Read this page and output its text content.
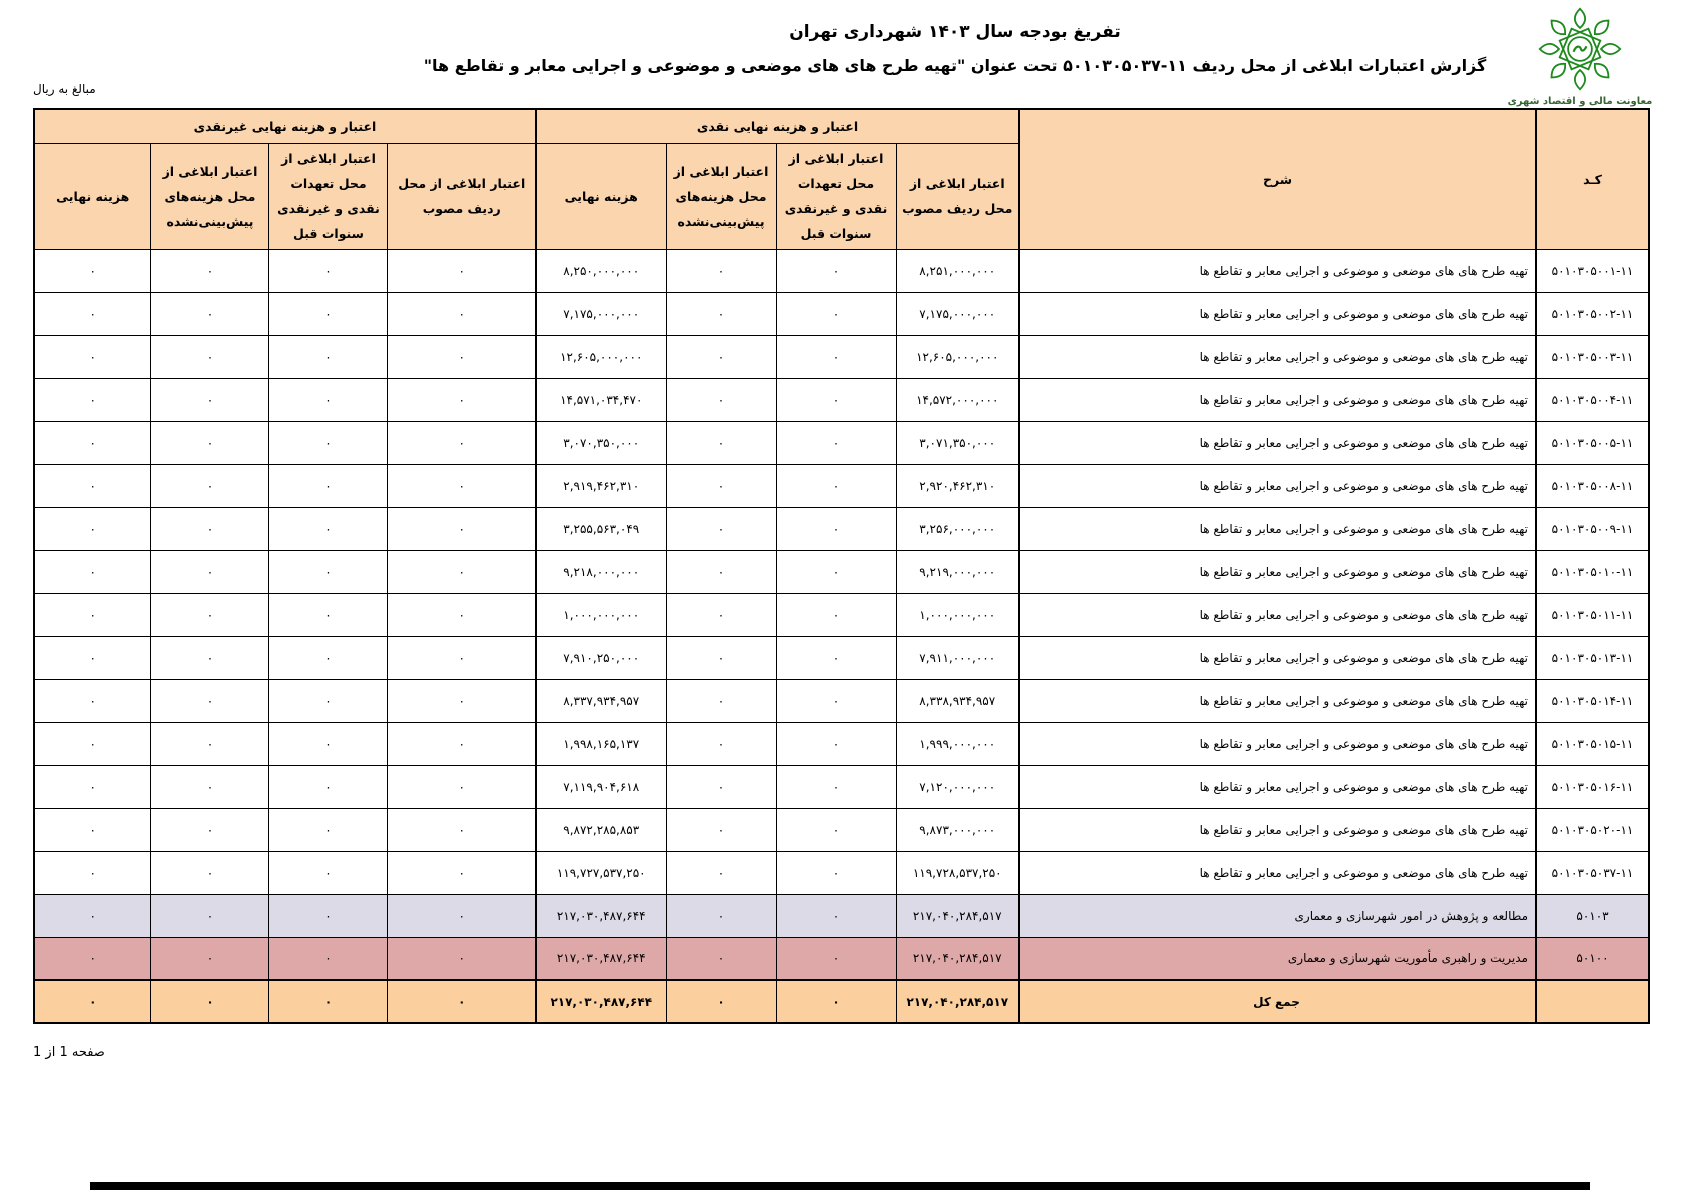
تفریغ بودجه سال ۱۴۰۳ شهرداری تهران
گزارش اعتبارات ابلاغی از محل ردیف ۱۱-۵۰۱۰۳۰۵۰۳۷ تحت عنوان "تهیه طرح های های موضعی و موضوعی و اجرایی معابر و تقاطع ها"
معاونت مالی و اقتصاد شهری
مبالغ به ریال
کـد	شرح	اعتبار و هزینه نهایی نقدی				اعتبار و هزینه نهایی غیرنقدی			
		اعتبار ابلاغی از محل ردیف مصوب	اعتبار ابلاغی از محل تعهدات نقدی و غیرنقدی سنوات قبل	اعتبار ابلاغی از محل هزینه‌های پیش‌بینی‌نشده	هزینه نهایی	اعتبار ابلاغی از محل ردیف مصوب	اعتبار ابلاغی از محل تعهدات نقدی و غیرنقدی سنوات قبل	اعتبار ابلاغی از محل هزینه‌های پیش‌بینی‌نشده	هزینه نهایی
۵۰۱۰۳۰۵۰۰۱-۱۱	تهیه طرح های های موضعی و موضوعی و اجرایی معابر و تقاطع ها	۸,۲۵۱,۰۰۰,۰۰۰	۰	۰	۸,۲۵۰,۰۰۰,۰۰۰	۰	۰	۰	۰
۵۰۱۰۳۰۵۰۰۲-۱۱	تهیه طرح های های موضعی و موضوعی و اجرایی معابر و تقاطع ها	۷,۱۷۵,۰۰۰,۰۰۰	۰	۰	۷,۱۷۵,۰۰۰,۰۰۰	۰	۰	۰	۰
۵۰۱۰۳۰۵۰۰۳-۱۱	تهیه طرح های های موضعی و موضوعی و اجرایی معابر و تقاطع ها	۱۲,۶۰۵,۰۰۰,۰۰۰	۰	۰	۱۲,۶۰۵,۰۰۰,۰۰۰	۰	۰	۰	۰
۵۰۱۰۳۰۵۰۰۴-۱۱	تهیه طرح های های موضعی و موضوعی و اجرایی معابر و تقاطع ها	۱۴,۵۷۲,۰۰۰,۰۰۰	۰	۰	۱۴,۵۷۱,۰۳۴,۴۷۰	۰	۰	۰	۰
۵۰۱۰۳۰۵۰۰۵-۱۱	تهیه طرح های های موضعی و موضوعی و اجرایی معابر و تقاطع ها	۳,۰۷۱,۳۵۰,۰۰۰	۰	۰	۳,۰۷۰,۳۵۰,۰۰۰	۰	۰	۰	۰
۵۰۱۰۳۰۵۰۰۸-۱۱	تهیه طرح های های موضعی و موضوعی و اجرایی معابر و تقاطع ها	۲,۹۲۰,۴۶۲,۳۱۰	۰	۰	۲,۹۱۹,۴۶۲,۳۱۰	۰	۰	۰	۰
۵۰۱۰۳۰۵۰۰۹-۱۱	تهیه طرح های های موضعی و موضوعی و اجرایی معابر و تقاطع ها	۳,۲۵۶,۰۰۰,۰۰۰	۰	۰	۳,۲۵۵,۵۶۳,۰۴۹	۰	۰	۰	۰
۵۰۱۰۳۰۵۰۱۰-۱۱	تهیه طرح های های موضعی و موضوعی و اجرایی معابر و تقاطع ها	۹,۲۱۹,۰۰۰,۰۰۰	۰	۰	۹,۲۱۸,۰۰۰,۰۰۰	۰	۰	۰	۰
۵۰۱۰۳۰۵۰۱۱-۱۱	تهیه طرح های های موضعی و موضوعی و اجرایی معابر و تقاطع ها	۱,۰۰۰,۰۰۰,۰۰۰	۰	۰	۱,۰۰۰,۰۰۰,۰۰۰	۰	۰	۰	۰
۵۰۱۰۳۰۵۰۱۳-۱۱	تهیه طرح های های موضعی و موضوعی و اجرایی معابر و تقاطع ها	۷,۹۱۱,۰۰۰,۰۰۰	۰	۰	۷,۹۱۰,۲۵۰,۰۰۰	۰	۰	۰	۰
۵۰۱۰۳۰۵۰۱۴-۱۱	تهیه طرح های های موضعی و موضوعی و اجرایی معابر و تقاطع ها	۸,۳۳۸,۹۳۴,۹۵۷	۰	۰	۸,۳۳۷,۹۳۴,۹۵۷	۰	۰	۰	۰
۵۰۱۰۳۰۵۰۱۵-۱۱	تهیه طرح های های موضعی و موضوعی و اجرایی معابر و تقاطع ها	۱,۹۹۹,۰۰۰,۰۰۰	۰	۰	۱,۹۹۸,۱۶۵,۱۳۷	۰	۰	۰	۰
۵۰۱۰۳۰۵۰۱۶-۱۱	تهیه طرح های های موضعی و موضوعی و اجرایی معابر و تقاطع ها	۷,۱۲۰,۰۰۰,۰۰۰	۰	۰	۷,۱۱۹,۹۰۴,۶۱۸	۰	۰	۰	۰
۵۰۱۰۳۰۵۰۲۰-۱۱	تهیه طرح های های موضعی و موضوعی و اجرایی معابر و تقاطع ها	۹,۸۷۳,۰۰۰,۰۰۰	۰	۰	۹,۸۷۲,۲۸۵,۸۵۳	۰	۰	۰	۰
۵۰۱۰۳۰۵۰۳۷-۱۱	تهیه طرح های های موضعی و موضوعی و اجرایی معابر و تقاطع ها	۱۱۹,۷۲۸,۵۳۷,۲۵۰	۰	۰	۱۱۹,۷۲۷,۵۳۷,۲۵۰	۰	۰	۰	۰
۵۰۱۰۳	مطالعه و پژوهش در امور شهرسازی و معماری	۲۱۷,۰۴۰,۲۸۴,۵۱۷	۰	۰	۲۱۷,۰۳۰,۴۸۷,۶۴۴	۰	۰	۰	۰
۵۰۱۰۰	مدیریت و راهبری مأموریت شهرسازی و معماری	۲۱۷,۰۴۰,۲۸۴,۵۱۷	۰	۰	۲۱۷,۰۳۰,۴۸۷,۶۴۴	۰	۰	۰	۰
	جمع کل	۲۱۷,۰۴۰,۲۸۴,۵۱۷	۰	۰	۲۱۷,۰۳۰,۴۸۷,۶۴۴	۰	۰	۰	۰
صفحه 1 از 1
